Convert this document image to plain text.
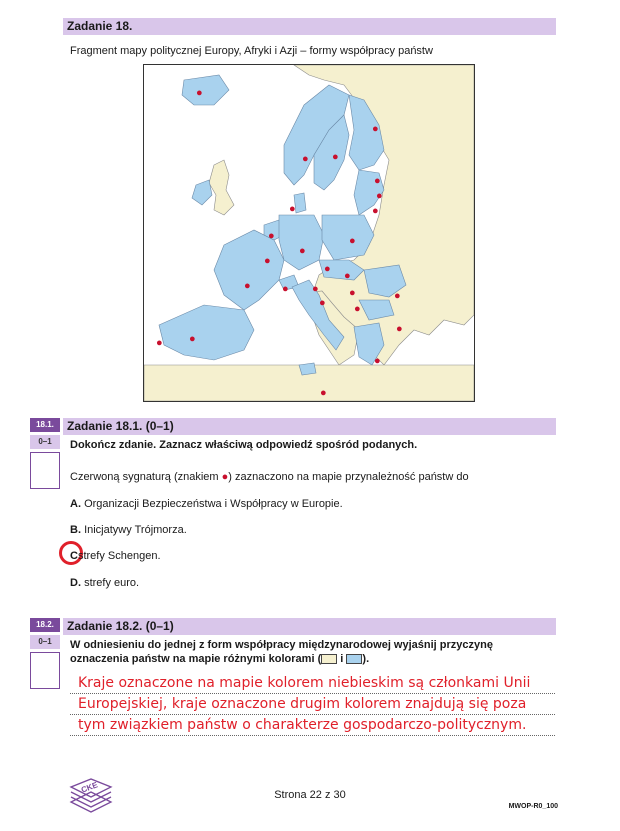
Zadanie 18.
Fragment mapy politycznej Europy, Afryki i Azji – formy współpracy państw
●
●
● ●
●
●
●	●
●
●
●
●
●
●
●	● ●	●	●
●	●
●
●
●
●
●
18.1.
0–1
Zadanie 18.1. (0–1)
Dokończ zdanie. Zaznacz właściwą odpowiedź spośród podanych.
Czerwoną sygnaturą (znakiem ●) zaznaczono na mapie przynależność państw do
A. Organizacji Bezpieczeństwa i Współpracy w Europie.
B. Inicjatywy Trójmorza.
Cstrefy Schengen.
D. strefy euro.
18.2.
0–1
Zadanie 18.2. (0–1)
W odniesieniu do jednej z form współpracy międzynarodowej wyjaśnij przyczynę
oznaczenia państw na mapie różnymi kolorami ( i ).
Kraje oznaczone na mapie kolorem niebieskim są członkami Unii
Europejskiej, kraje oznaczone drugim kolorem znajdują się poza
tym związkiem państw o charakterze gospodarczo-politycznym.
CKE
Strona 22 z 30
MWOP-R0_100
